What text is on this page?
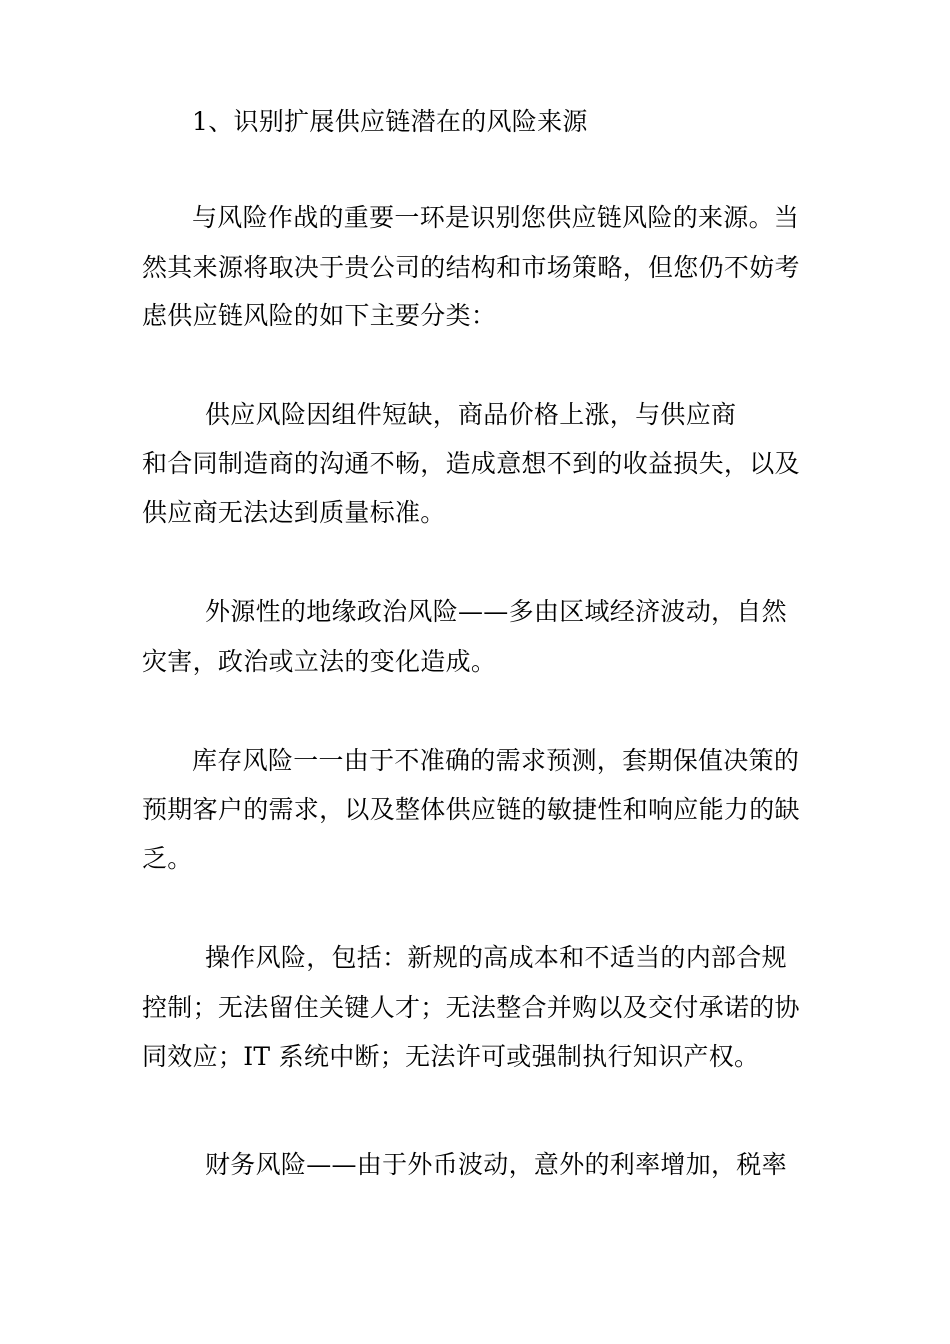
1、识别扩展供应链潜在的风险来源
与风险作战的重要一环是识别您供应链风险的来源。当
然其来源将取决于贵公司的结构和市场策略，但您仍不妨考
虑供应链风险的如下主要分类：
供应风险因组件短缺，商品价格上涨，与供应商
和合同制造商的沟通不畅，造成意想不到的收益损失，以及
供应商无法达到质量标准。
外源性的地缘政治风险——多由区域经济波动，自然
灾害，政治或立法的变化造成。
库存风险一一由于不准确的需求预测，套期保值决策的
预期客户的需求，以及整体供应链的敏捷性和响应能力的缺
乏。
操作风险，包括：新规的高成本和不适当的内部合规
控制；无法留住关键人才；无法整合并购以及交付承诺的协
同效应；IT 系统中断；无法许可或强制执行知识产权。
财务风险——由于外币波动，意外的利率增加，税率
